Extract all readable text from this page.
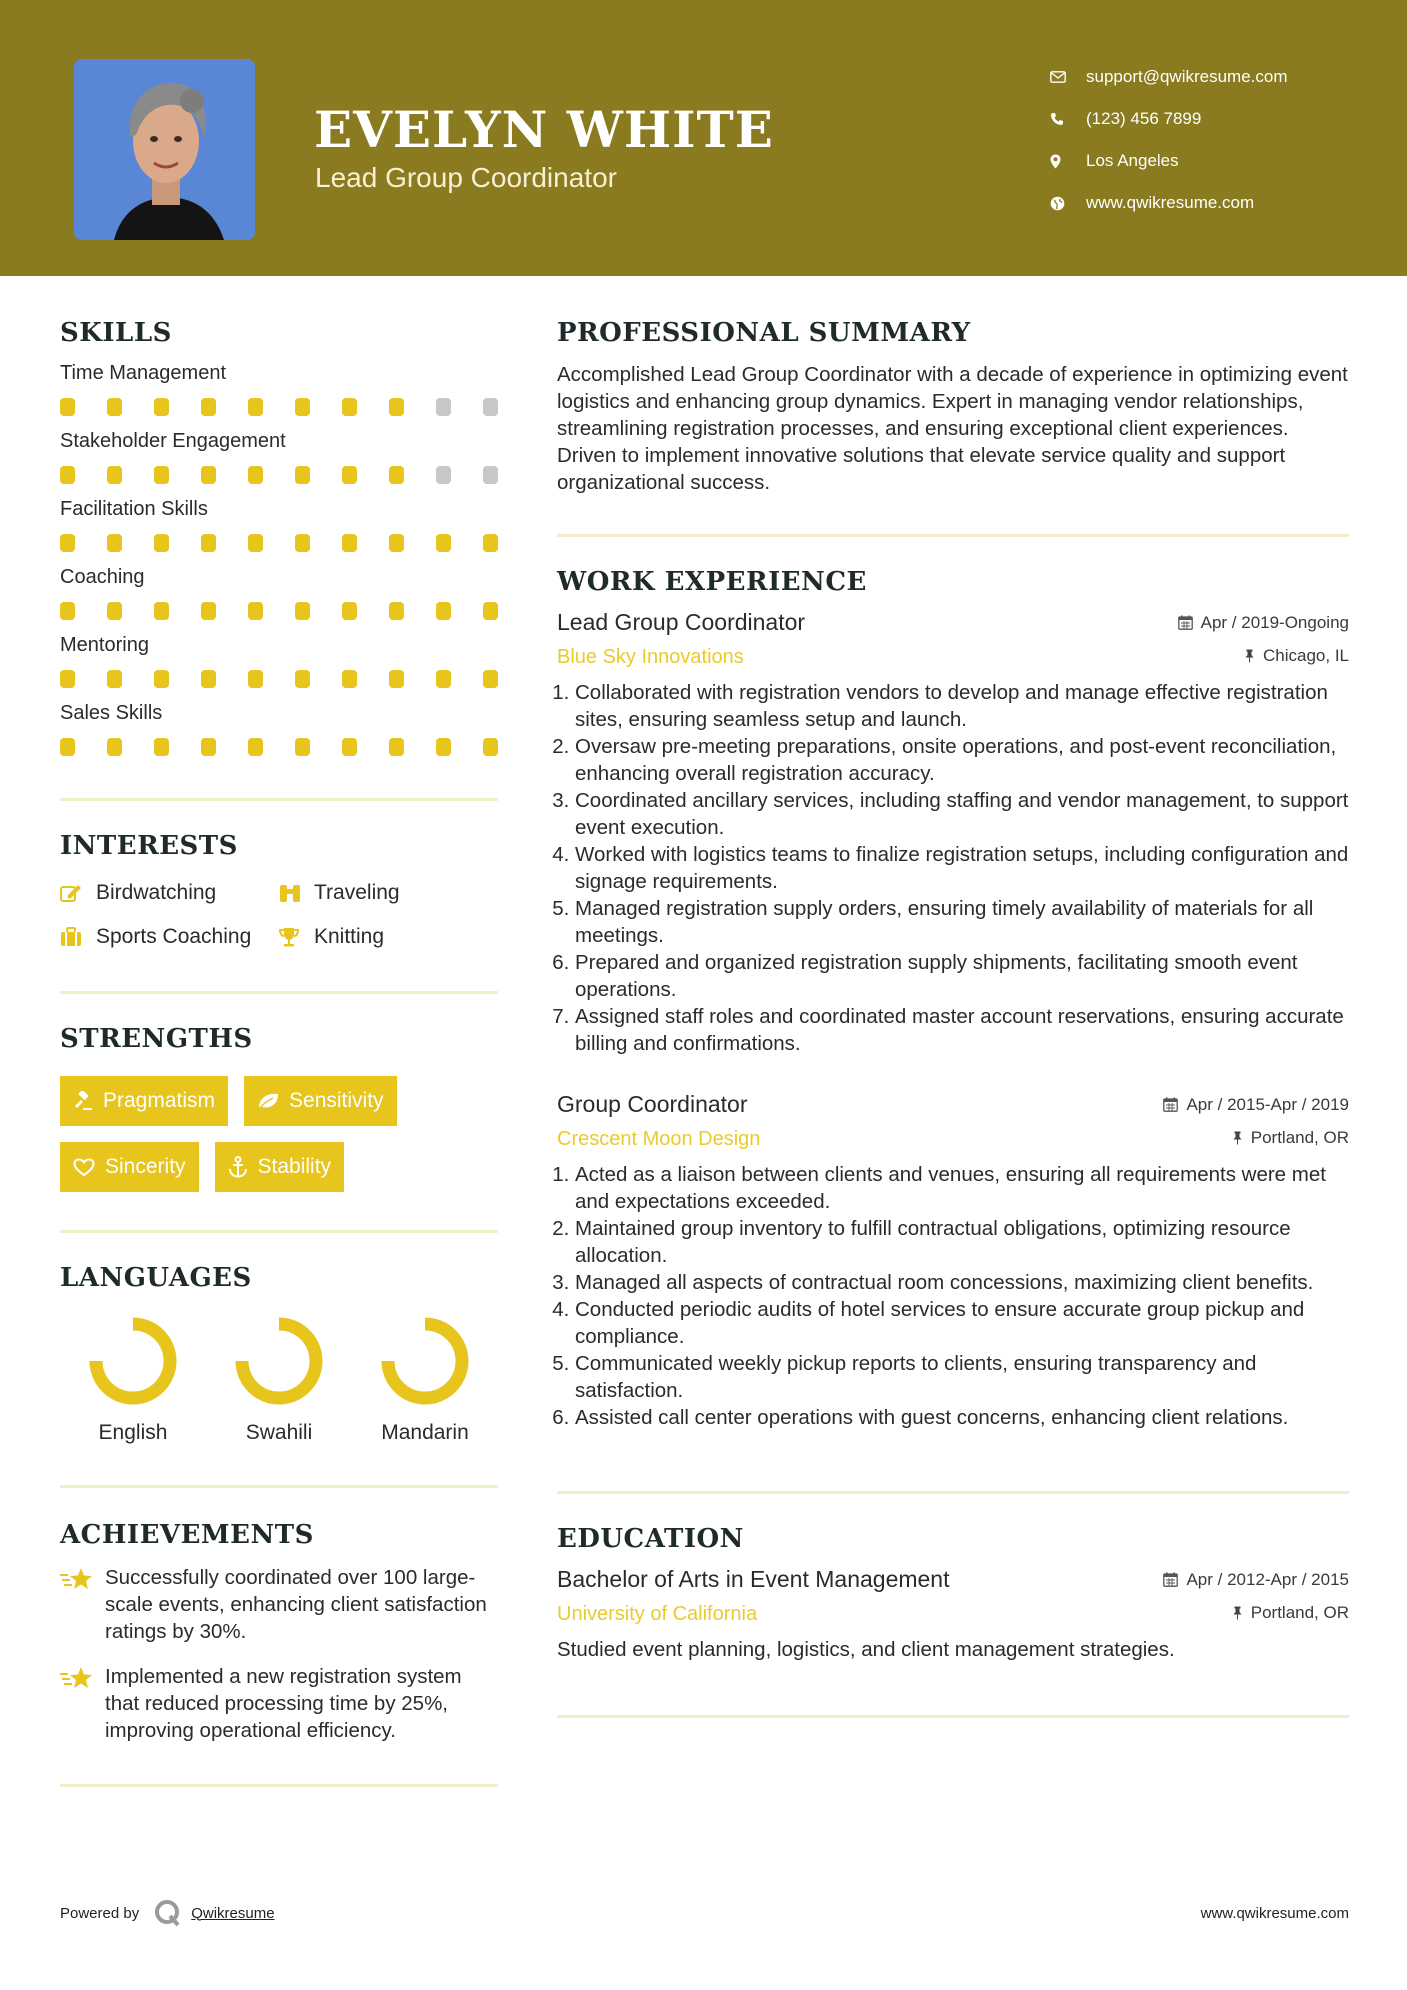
EVELYN WHITE
Lead Group Coordinator
support@qwikresume.com
(123) 456 7899
Los Angeles
www.qwikresume.com
SKILLS
Time Management
Stakeholder Engagement
Facilitation Skills
Coaching
Mentoring
Sales Skills
INTERESTS
Birdwatching	Traveling
Sports Coaching	Knitting
STRENGTHS
Pragmatism	Sensitivity
Sincerity	Stability
LANGUAGES
English	Swahili	Mandarin
ACHIEVEMENTS
Successfully coordinated over 100 large-scale events, enhancing client satisfaction ratings by 30%.
Implemented a new registration system that reduced processing time by 25%, improving operational efficiency.
PROFESSIONAL SUMMARY
Accomplished Lead Group Coordinator with a decade of experience in optimizing event logistics and enhancing group dynamics. Expert in managing vendor relationships, streamlining registration processes, and ensuring exceptional client experiences. Driven to implement innovative solutions that elevate service quality and support organizational success.
WORK EXPERIENCE
Lead Group Coordinator	Apr / 2019-Ongoing
Blue Sky Innovations	Chicago, IL
1. Collaborated with registration vendors to develop and manage effective registration sites, ensuring seamless setup and launch.
2. Oversaw pre-meeting preparations, onsite operations, and post-event reconciliation, enhancing overall registration accuracy.
3. Coordinated ancillary services, including staffing and vendor management, to support event execution.
4. Worked with logistics teams to finalize registration setups, including configuration and signage requirements.
5. Managed registration supply orders, ensuring timely availability of materials for all meetings.
6. Prepared and organized registration supply shipments, facilitating smooth event operations.
7. Assigned staff roles and coordinated master account reservations, ensuring accurate billing and confirmations.
Group Coordinator	Apr / 2015-Apr / 2019
Crescent Moon Design	Portland, OR
1. Acted as a liaison between clients and venues, ensuring all requirements were met and expectations exceeded.
2. Maintained group inventory to fulfill contractual obligations, optimizing resource allocation.
3. Managed all aspects of contractual room concessions, maximizing client benefits.
4. Conducted periodic audits of hotel services to ensure accurate group pickup and compliance.
5. Communicated weekly pickup reports to clients, ensuring transparency and satisfaction.
6. Assisted call center operations with guest concerns, enhancing client relations.
EDUCATION
Bachelor of Arts in Event Management	Apr / 2012-Apr / 2015
University of California	Portland, OR
Studied event planning, logistics, and client management strategies.
Powered by	Qwikresume	www.qwikresume.com
